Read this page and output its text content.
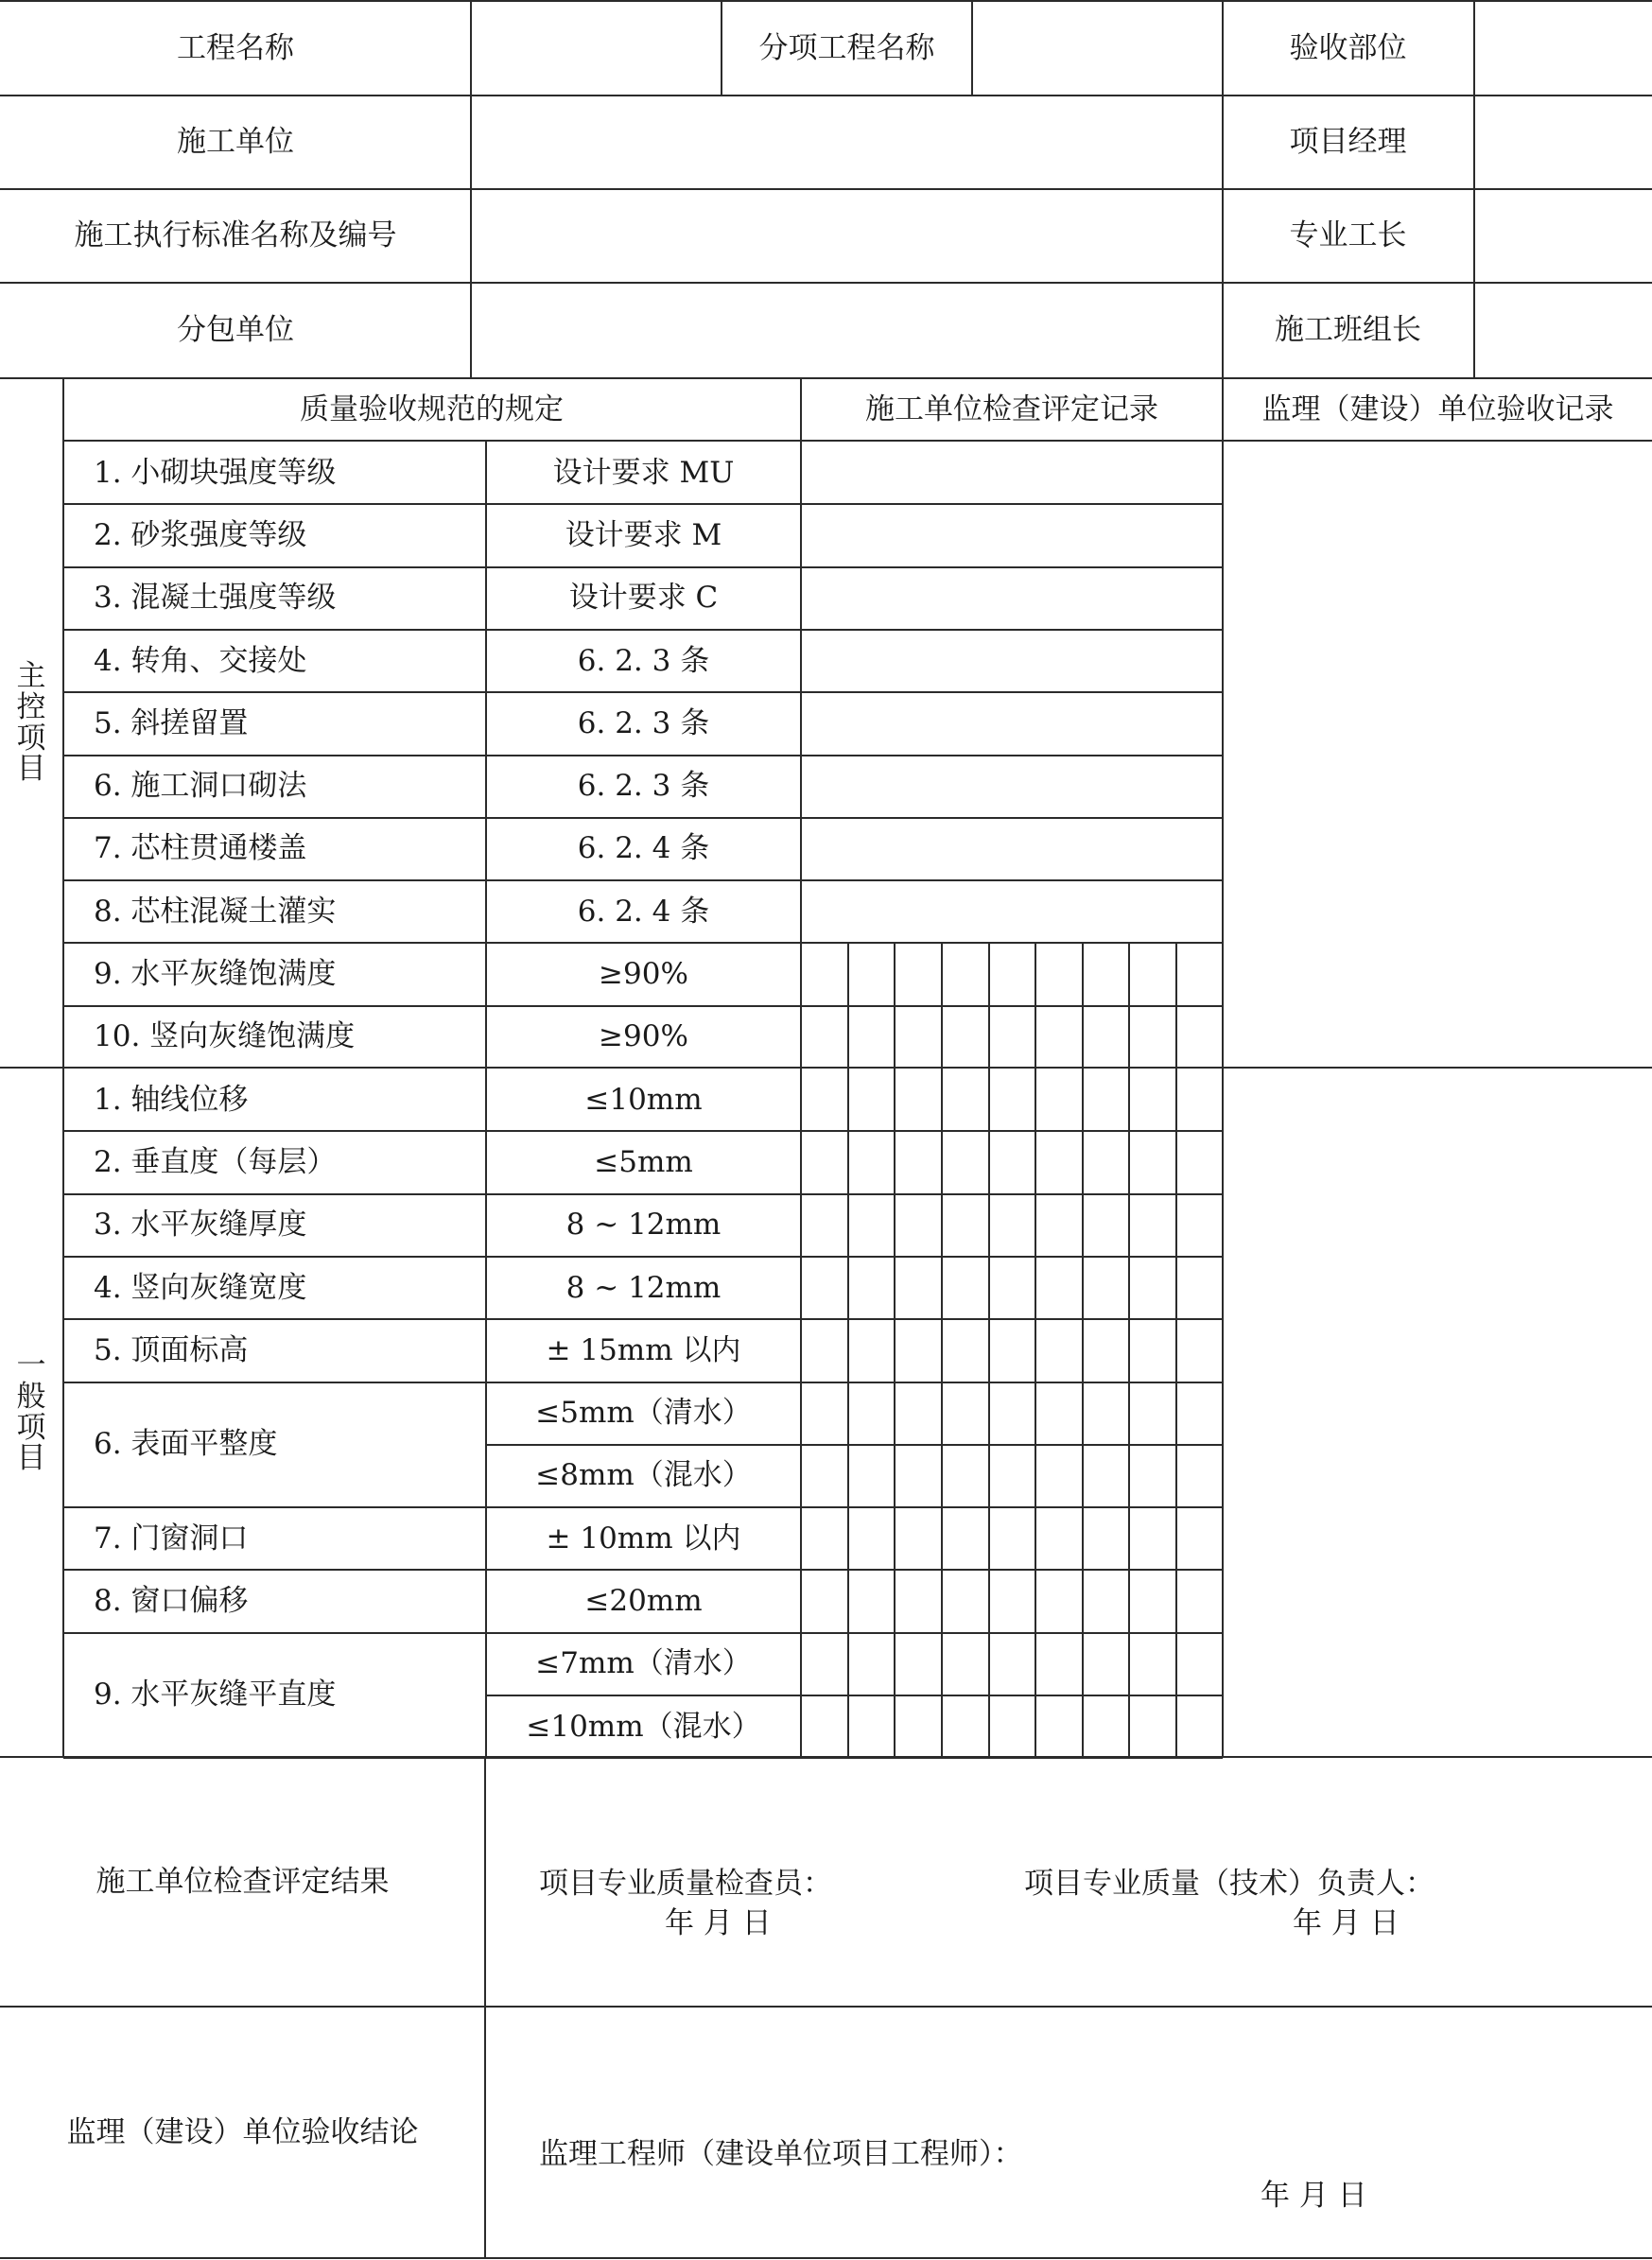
工程名称	分项工程名称	验收部位
施工单位	项目经理
施工执行标准名称及编号	专业工长
分包单位	施工班组长
质量验收规范的规定	施工单位检查评定记录	监理（建设）单位验收记录
主
控
项
目
一
般
项
目
1. 小砌块强度等级	设计要求 MU
2. 砂浆强度等级	设计要求 M
3. 混凝土强度等级	设计要求 C
4. 转角、交接处	6. 2. 3 条
5. 斜搓留置	6. 2. 3 条
6. 施工洞口砌法	6. 2. 3 条
7. 芯柱贯通楼盖	6. 2. 4 条
8. 芯柱混凝土灌实	6. 2. 4 条
9. 水平灰缝饱满度	≥90%
10. 竖向灰缝饱满度	≥90%
1. 轴线位移	≤10mm
2. 垂直度（每层）	≤5mm
3. 水平灰缝厚度	8 ~ 12mm
4. 竖向灰缝宽度	8 ~ 12mm
5. 顶面标高	± 15mm 以内
6. 表面平整度
≤5mm（清水）
≤8mm（混水）
7. 门窗洞口	± 10mm 以内
8. 窗口偏移	≤20mm
9. 水平灰缝平直度
≤7mm（清水）
≤10mm（混水）
施工单位检查评定结果	项目专业质量检查员：	项目专业质量（技术）负责人：
年 月 日	年 月 日
监理（建设）单位验收结论
监理工程师（建设单位项目工程师）：
年 月 日
